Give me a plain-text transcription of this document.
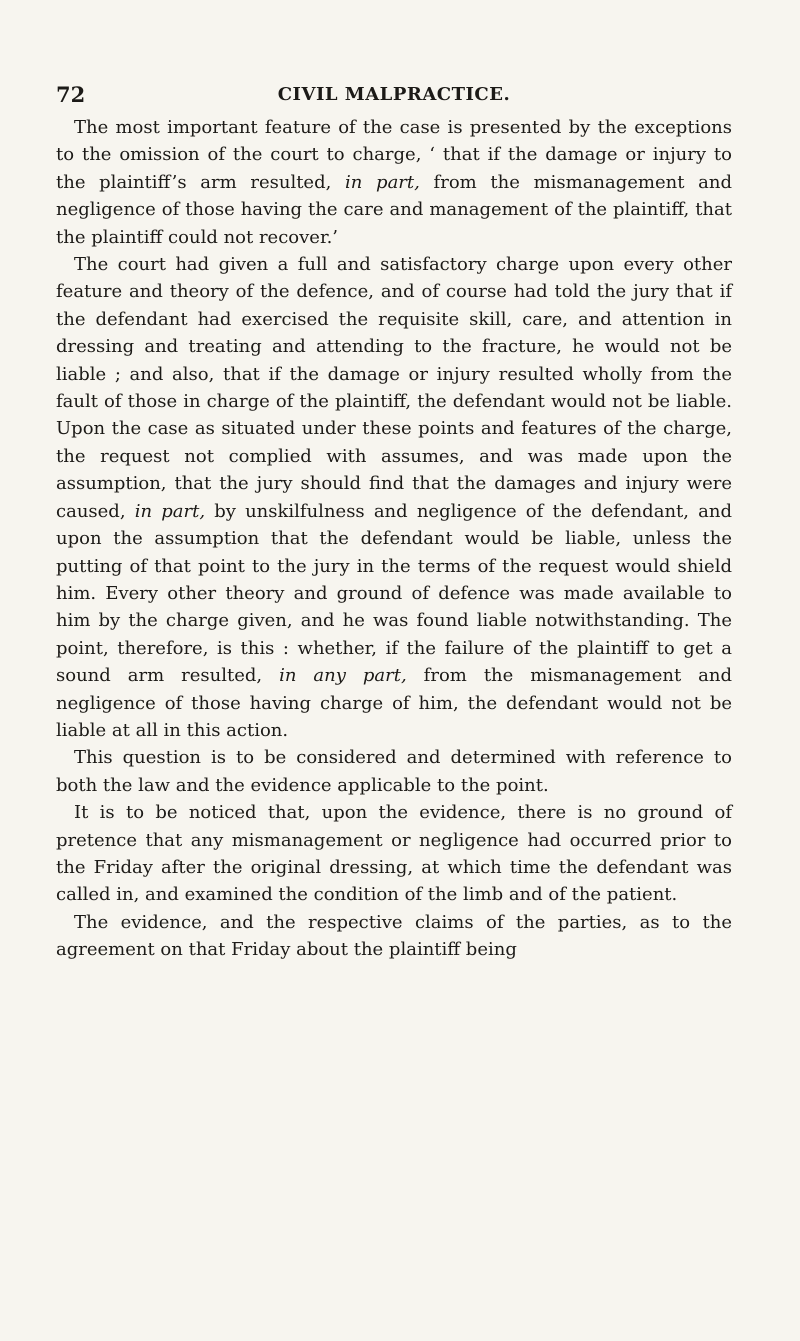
72	CIVIL MALPRACTICE.

The most important feature of the case is presented by the exceptions to the omission of the court to charge, ‘ that if the damage or injury to the plaintiff’s arm resulted, in part, from the mismanagement and negligence of those having the care and management of the plaintiff, that the plaintiff could not recover.’

The court had given a full and satisfactory charge upon every other feature and theory of the defence, and of course had told the jury that if the defendant had exercised the requisite skill, care, and attention in dressing and treating and attending to the fracture, he would not be liable ; and also, that if the damage or injury resulted wholly from the fault of those in charge of the plaintiff, the defendant would not be liable. Upon the case as situated under these points and features of the charge, the request not complied with assumes, and was made upon the assumption, that the jury should find that the damages and injury were caused, in part, by unskilfulness and negligence of the defendant, and upon the assumption that the defendant would be liable, unless the putting of that point to the jury in the terms of the request would shield him. Every other theory and ground of defence was made available to him by the charge given, and he was found liable notwithstanding. The point, therefore, is this : whether, if the failure of the plaintiff to get a sound arm resulted, in any part, from the mismanagement and negligence of those having charge of him, the defendant would not be liable at all in this action.

This question is to be considered and determined with reference to both the law and the evidence applicable to the point.

It is to be noticed that, upon the evidence, there is no ground of pretence that any mismanagement or negligence had occurred prior to the Friday after the original dressing, at which time the defendant was called in, and examined the condition of the limb and of the patient.

The evidence, and the respective claims of the parties, as to the agreement on that Friday about the plaintiff being
